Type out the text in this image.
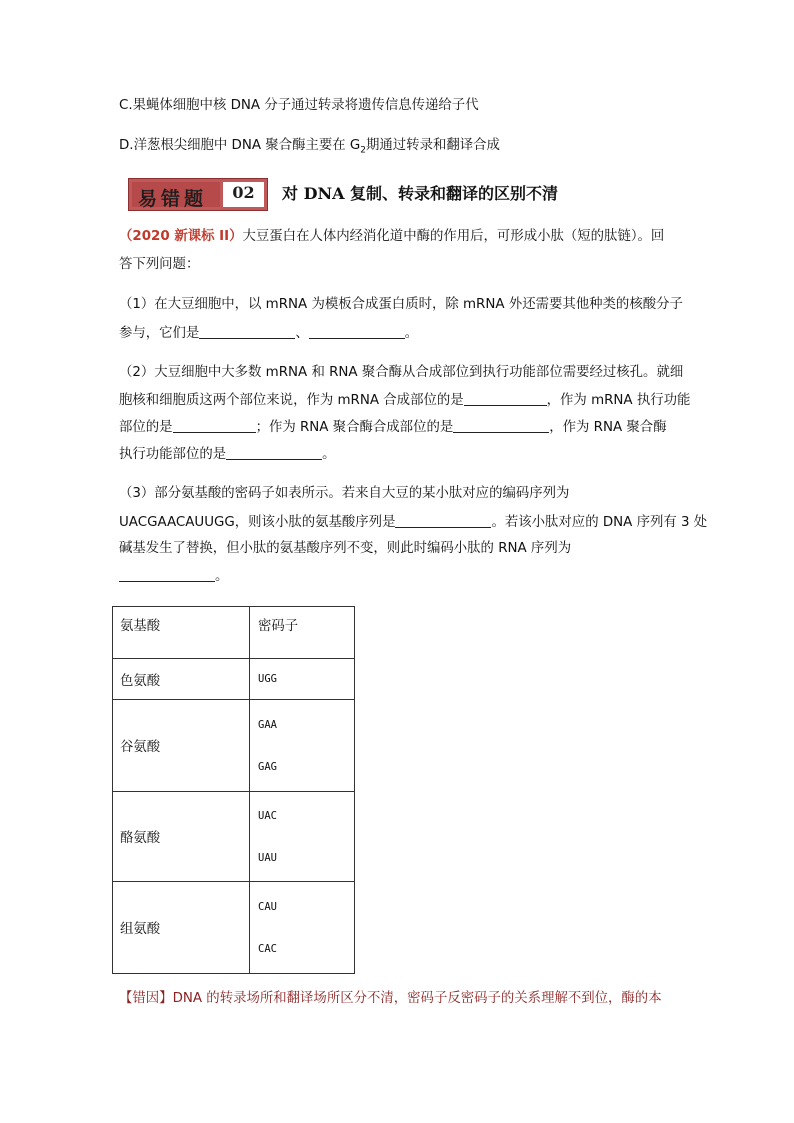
C.果蝇体细胞中核 DNA 分子通过转录将遗传信息传递给子代
D.洋葱根尖细胞中 DNA 聚合酶主要在 $G_2$期通过转录和翻译合成
易错题	02	对 DNA 复制、转录和翻译的区别不清
（2020 新课标 II）大豆蛋白在人体内经消化道中酶的作用后，可形成小肽（短的肽链）。回
答下列问题：
（1）在大豆细胞中，以 mRNA 为模板合成蛋白质时，除 mRNA 外还需要其他种类的核酸分子
参与，它们是	、	。
（2）大豆细胞中大多数 mRNA 和 RNA 聚合酶从合成部位到执行功能部位需要经过核孔。就细
胞核和细胞质这两个部位来说，作为 mRNA 合成部位的是	，作为 mRNA 执行功能
部位的是	；作为 RNA 聚合酶合成部位的是	，作为 RNA 聚合酶
执行功能部位的是	。
（3）部分氨基酸的密码子如表所示。若来自大豆的某小肽对应的编码序列为
UACGAACAUUGG，则该小肽的氨基酸序列是	。若该小肽对应的 DNA 序列有 3 处
碱基发生了替换，但小肽的氨基酸序列不变，则此时编码小肽的 RNA 序列为
。
氨基酸	密码子
色氨酸	UGG

谷氨酸	GAA
GAG

酪氨酸	UAC
UAU

组氨酸	CAU
CAC
【错因】DNA 的转录场所和翻译场所区分不清，密码子反密码子的关系理解不到位，酶的本
